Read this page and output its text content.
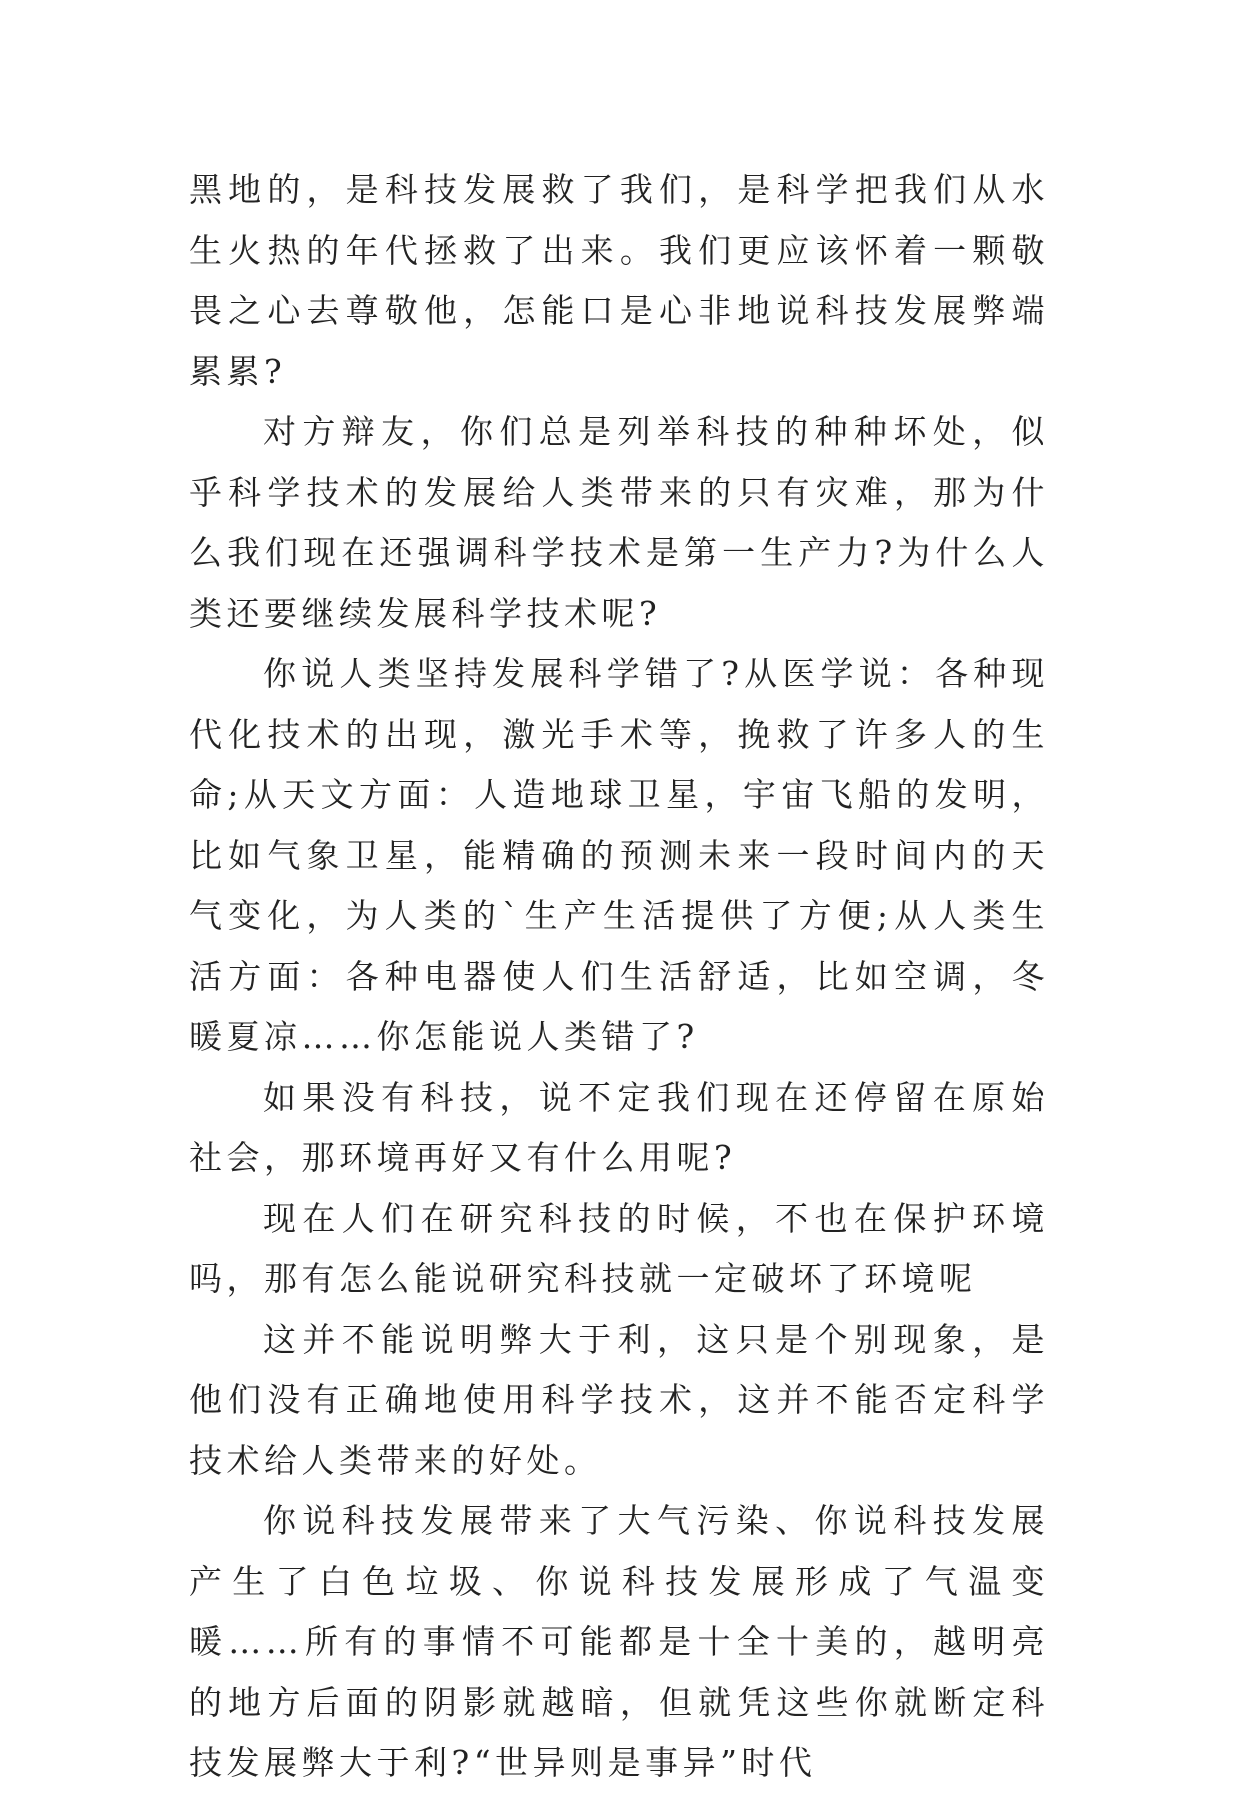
黑地的，是科技发展救了我们，是科学把我们从水生火热的年代拯救了出来。我们更应该怀着一颗敬畏之心去尊敬他，怎能口是心非地说科技发展弊端累累?

对方辩友，你们总是列举科技的种种坏处，似乎科学技术的发展给人类带来的只有灾难，那为什么我们现在还强调科学技术是第一生产力?为什么人类还要继续发展科学技术呢?

你说人类坚持发展科学错了?从医学说：各种现代化技术的出现，激光手术等，挽救了许多人的生命;从天文方面：人造地球卫星，宇宙飞船的发明，比如气象卫星，能精确的预测未来一段时间内的天气变化，为人类的`生产生活提供了方便;从人类生活方面：各种电器使人们生活舒适，比如空调，冬暖夏凉……你怎能说人类错了?

如果没有科技，说不定我们现在还停留在原始社会，那环境再好又有什么用呢?

现在人们在研究科技的时候，不也在保护环境吗，那有怎么能说研究科技就一定破坏了环境呢

这并不能说明弊大于利，这只是个别现象，是他们没有正确地使用科学技术，这并不能否定科学技术给人类带来的好处。

你说科技发展带来了大气污染、你说科技发展产生了白色垃圾、你说科技发展形成了气温变暖……所有的事情不可能都是十全十美的，越明亮的地方后面的阴影就越暗，但就凭这些你就断定科技发展弊大于利?“世异则是事异”时代
